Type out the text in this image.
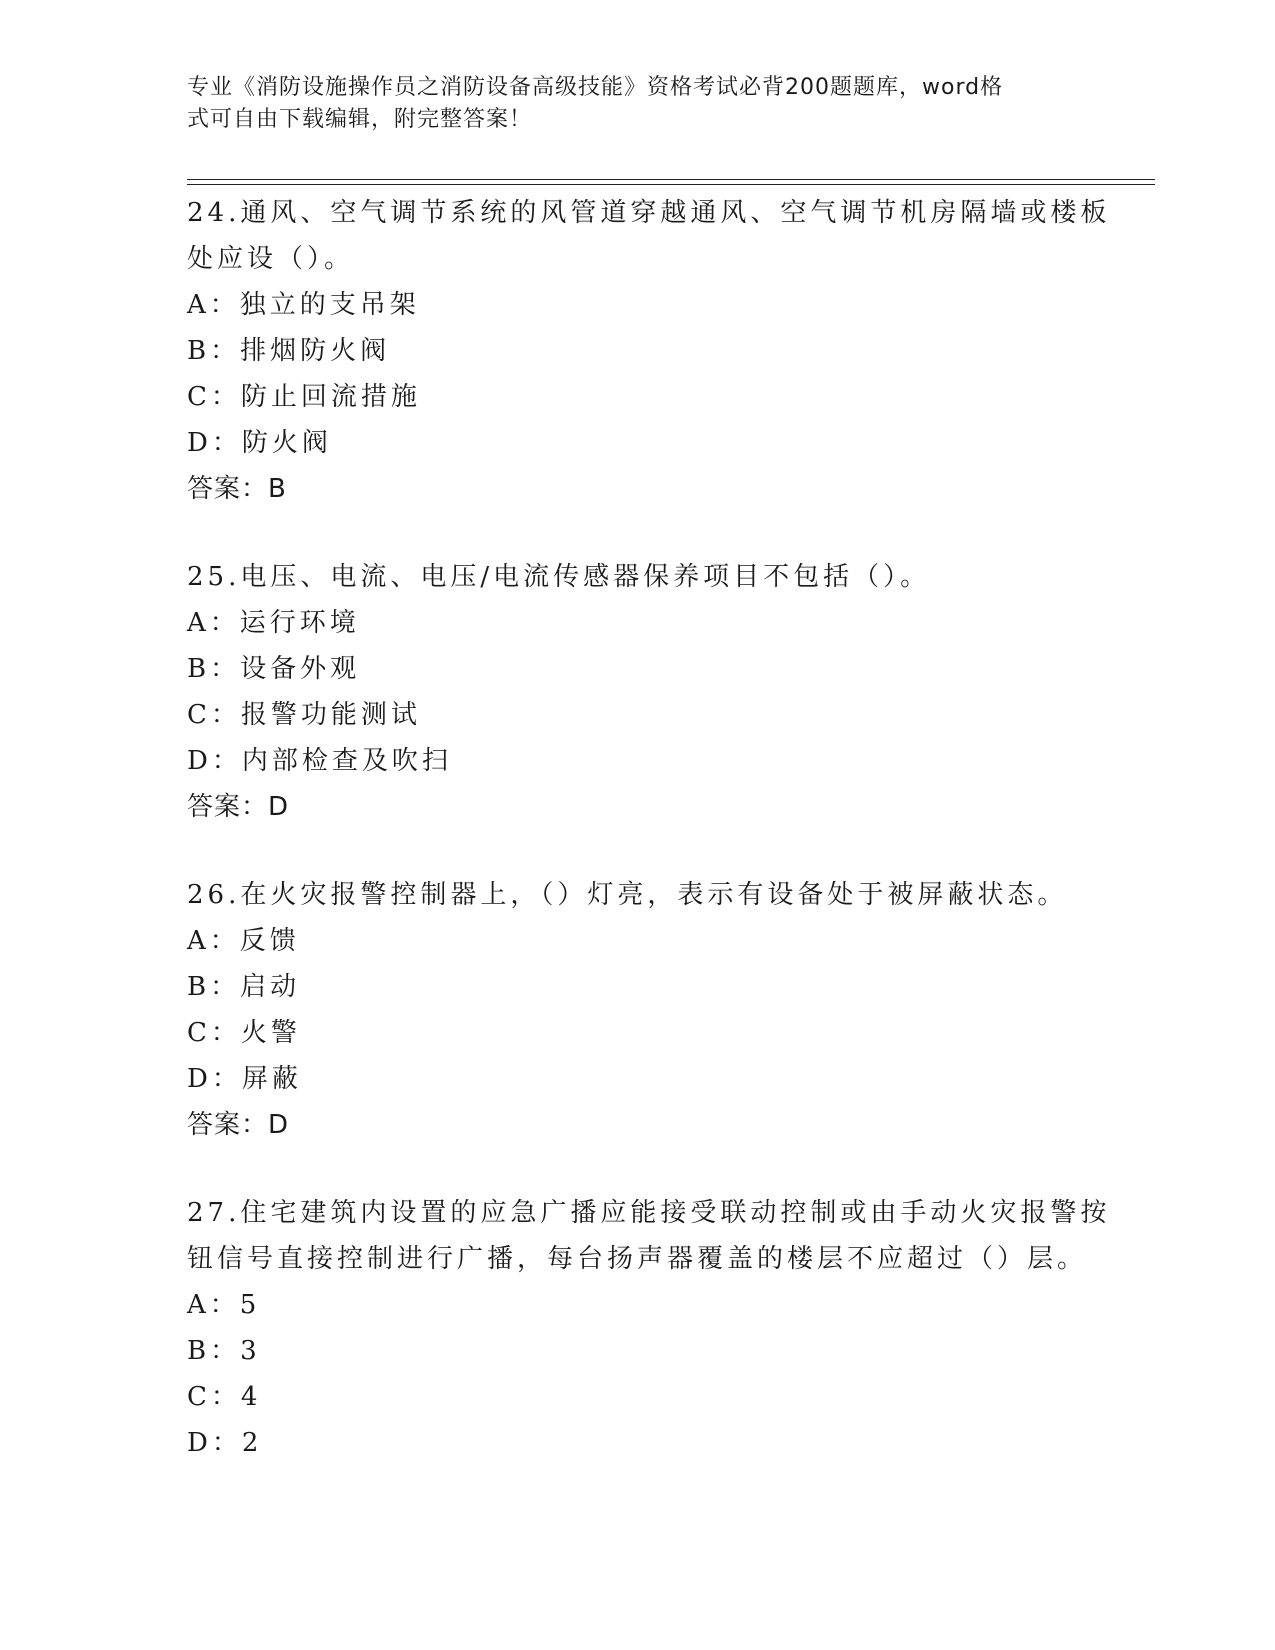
专业《消防设施操作员之消防设备高级技能》资格考试必背200题题库，word格
式可自由下载编辑，附完整答案！
24.通风、空气调节系统的风管道穿越通风、空气调节机房隔墙或楼板
处应设（）。
A：独立的支吊架
B：排烟防火阀
C：防止回流措施
D：防火阀
答案：B
25.电压、电流、电压/电流传感器保养项目不包括（）。
A：运行环境
B：设备外观
C：报警功能测试
D：内部检查及吹扫
答案：D
26.在火灾报警控制器上，（）灯亮，表示有设备处于被屏蔽状态。
A：反馈
B：启动
C：火警
D：屏蔽
答案：D
27.住宅建筑内设置的应急广播应能接受联动控制或由手动火灾报警按
钮信号直接控制进行广播，每台扬声器覆盖的楼层不应超过（）层。
A：5
B：3
C：4
D：2
